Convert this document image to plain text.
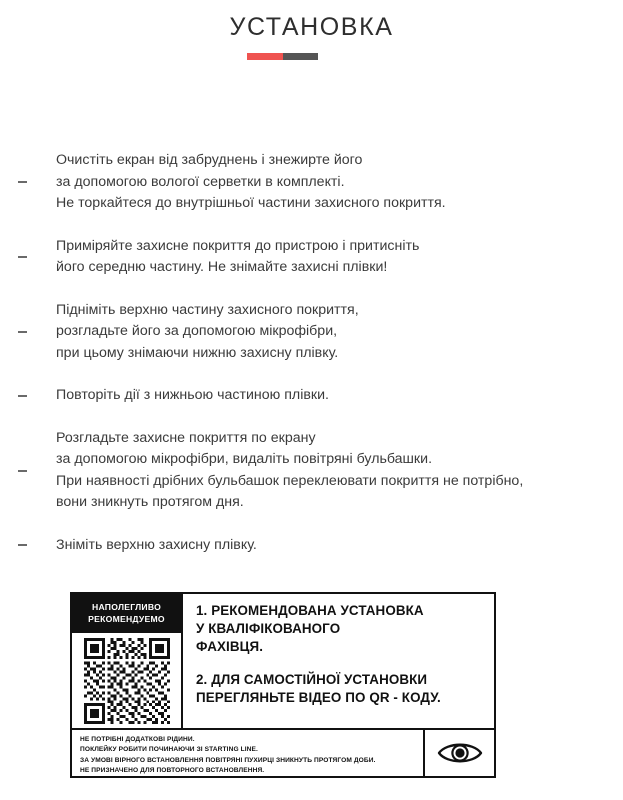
УСТАНОВКА
Очистіть екран від забруднень і знежирте його
за допомогою вологої серветки в комплекті.
Не торкайтеся до внутрішньої частини захисного покриття.
Приміряйте захисне покриття до пристрою і притисніть
його середню частину. Не знімайте захисні плівки!
Підніміть верхню частину захисного покриття,
розгладьте його за допомогою мікрофібри,
при цьому знімаючи нижню захисну плівку.
Повторіть дії з нижньою частиною плівки.
Розгладьте захисне покриття по екрану
за допомогою мікрофібри, видаліть повітряні бульбашки.
При наявності дрібних бульбашок переклеювати покриття не потрібно,
вони зникнуть протягом дня.
Зніміть верхню захисну плівку.
НАПОЛЕГЛИВО
РЕКОМЕНДУЕМО
1. РЕКОМЕНДОВАНА УСТАНОВКА
У КВАЛІФІКОВАНОГО
ФАХІВЦЯ.
2. ДЛЯ САМОСТІЙНОЇ УСТАНОВКИ
ПЕРЕГЛЯНЬТЕ ВІДЕО ПО QR - КОДУ.
НЕ ПОТРІБНІ ДОДАТКОВІ РІДИНИ.
ПОКЛЕЙКУ РОБИТИ ПОЧИНАЮЧИ ЗІ STARTING LINE.
ЗА УМОВІ ВІРНОГО ВСТАНОВЛЕННЯ ПОВІТРЯНІ ПУХИРЦІ ЗНИКНУТЬ ПРОТЯГОМ ДОБИ.
НЕ ПРИЗНАЧЕНО ДЛЯ ПОВТОРНОГО ВСТАНОВЛЕННЯ.
